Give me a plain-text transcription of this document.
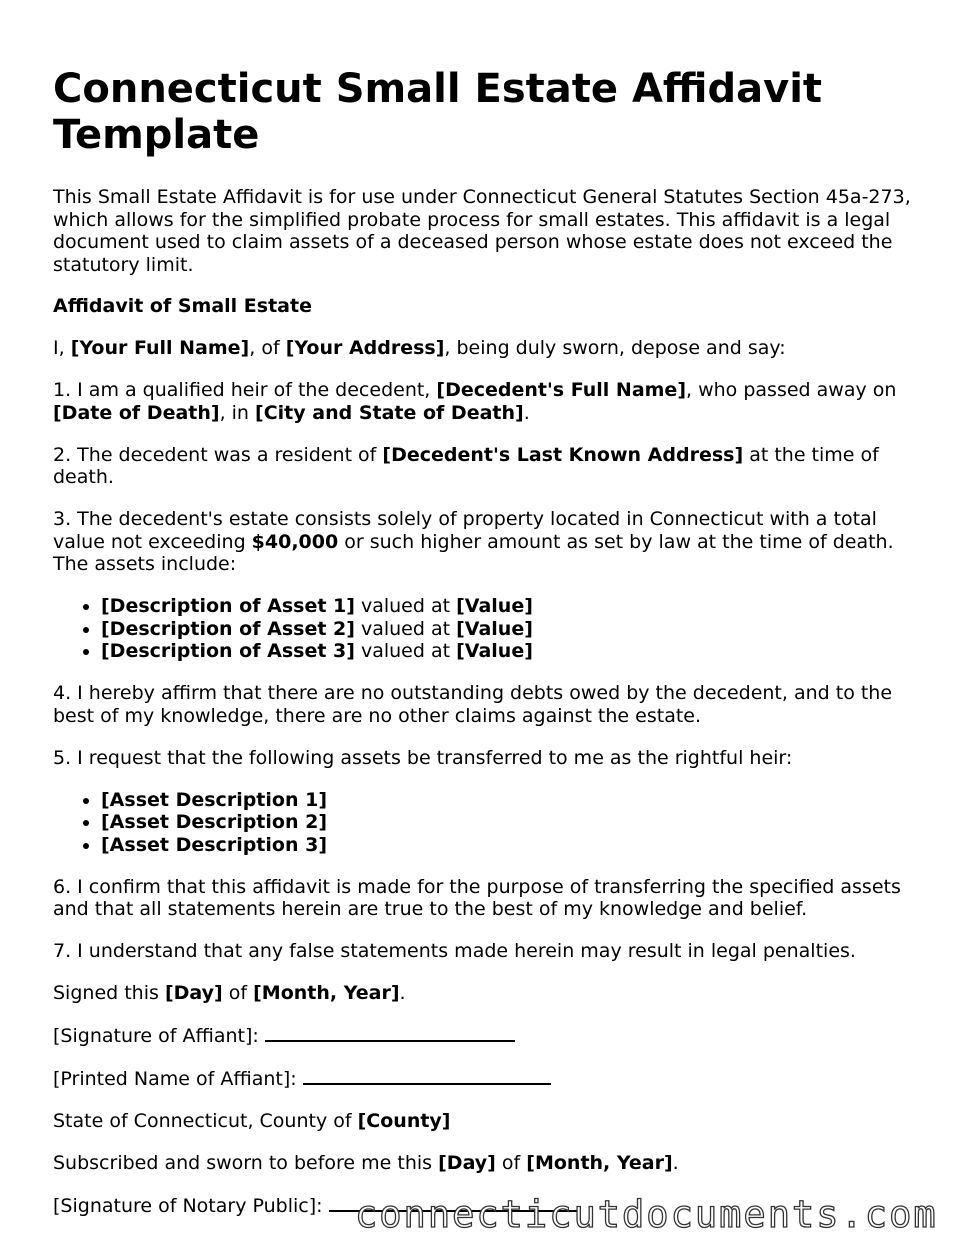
Connecticut Small Estate Affidavit Template

This Small Estate Affidavit is for use under Connecticut General Statutes Section 45a-273, which allows for the simplified probate process for small estates. This affidavit is a legal document used to claim assets of a deceased person whose estate does not exceed the statutory limit.

Affidavit of Small Estate

I, [Your Full Name], of [Your Address], being duly sworn, depose and say:

1. I am a qualified heir of the decedent, [Decedent's Full Name], who passed away on [Date of Death], in [City and State of Death].

2. The decedent was a resident of [Decedent's Last Known Address] at the time of death.

3. The decedent's estate consists solely of property located in Connecticut with a total value not exceeding $40,000 or such higher amount as set by law at the time of death. The assets include:

• [Description of Asset 1] valued at [Value]
• [Description of Asset 2] valued at [Value]
• [Description of Asset 3] valued at [Value]

4. I hereby affirm that there are no outstanding debts owed by the decedent, and to the best of my knowledge, there are no other claims against the estate.

5. I request that the following assets be transferred to me as the rightful heir:

• [Asset Description 1]
• [Asset Description 2]
• [Asset Description 3]

6. I confirm that this affidavit is made for the purpose of transferring the specified assets and that all statements herein are true to the best of my knowledge and belief.

7. I understand that any false statements made herein may result in legal penalties.

Signed this [Day] of [Month, Year].

[Signature of Affiant]:

[Printed Name of Affiant]:

State of Connecticut, County of [County]

Subscribed and sworn to before me this [Day] of [Month, Year].

[Signature of Notary Public]: connecticutdocuments.com
